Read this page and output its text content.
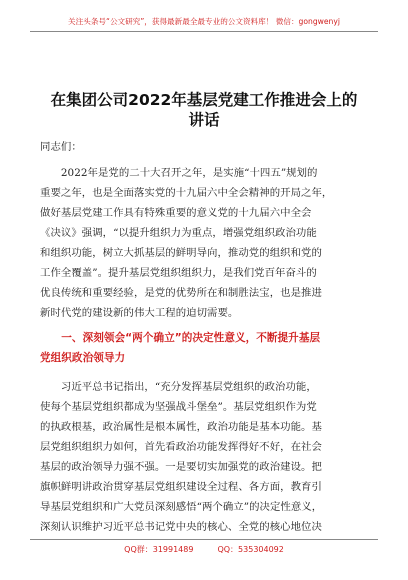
关注头条号“公文研究”，获得最新最全最专业的公文资料库！ 微信：gongwenyj
在集团公司2022年基层党建工作推进会上的
讲话
同志们：
　　2022年是党的二十大召开之年，是实施“十四五”规划的
重要之年，也是全面落实党的十九届六中全会精神的开局之年，
做好基层党建工作具有特殊重要的意义党的十九届六中全会
《决议》强调，“以提升组织力为重点，增强党组织政治功能
和组织功能，树立大抓基层的鲜明导向，推动党的组织和党的
工作全覆盖”。提升基层党组织组织力，是我们党百年奋斗的
优良传统和重要经验，是党的优势所在和制胜法宝，也是推进
新时代党的建设新的伟大工程的迫切需要。
　　一、深刻领会“两个确立”的决定性意义，不断提升基层
党组织政治领导力
　　习近平总书记指出，“充分发挥基层党组织的政治功能，
使每个基层党组织都成为坚强战斗堡垒”。基层党组织作为党
的执政根基，政治属性是根本属性，政治功能是基本功能。基
层党组织组织力如何，首先看政治功能发挥得好不好，在社会
基层的政治领导力强不强。一是要切实加强党的政治建设。把
旗帜鲜明讲政治贯穿基层党组织建设全过程、各方面，教育引
导基层党组织和广大党员深刻感悟“两个确立”的决定性意义，
深刻认识维护习近平总书记党中央的核心、全党的核心地位决
QQ群：31991489　　　QQ：535304092
